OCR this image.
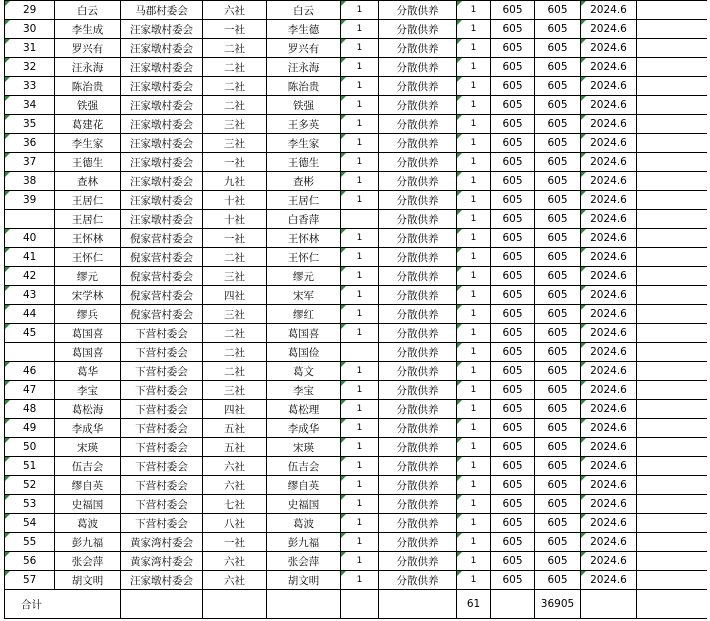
29	白云	马郡村委会	六社	白云	1	分散供养	1	605	605	2024.6

30	李生成	汪家墩村委会	一社	李生德	1	分散供养	1	605	605	2024.6

31	罗兴有	汪家墩村委会	二社	罗兴有	1	分散供养	1	605	605	2024.6

32	汪永海	汪家墩村委会	二社	汪永海	1	分散供养	1	605	605	2024.6

33	陈治贵	汪家墩村委会	二社	陈治贵	1	分散供养	1	605	605	2024.6

34	铁强	汪家墩村委会	二社	铁强	1	分散供养	1	605	605	2024.6

35	葛建花	汪家墩村委会	三社	王多英	1	分散供养	1	605	605	2024.6

36	李生家	汪家墩村委会	三社	李生家	1	分散供养	1	605	605	2024.6

37	王德生	汪家墩村委会	一社	王德生	1	分散供养	1	605	605	2024.6

38	查林	汪家墩村委会	九社	查彬	1	分散供养	1	605	605	2024.6

39	王居仁	汪家墩村委会	十社	王居仁	1	分散供养	1	605	605	2024.6

	王居仁	汪家墩村委会	十社	白香萍		分散供养	1	605	605	2024.6

40	王怀林	倪家营村委会	一社	王怀林	1	分散供养	1	605	605	2024.6

41	王怀仁	倪家营村委会	二社	王怀仁	1	分散供养	1	605	605	2024.6

42	缪元	倪家营村委会	三社	缪元	1	分散供养	1	605	605	2024.6

43	宋学林	倪家营村委会	四社	宋军	1	分散供养	1	605	605	2024.6

44	缪兵	倪家营村委会	三社	缪红	1	分散供养	1	605	605	2024.6

45	葛国喜	下营村委会	二社	葛国喜	1	分散供养	1	605	605	2024.6

	葛国喜	下营村委会	二社	葛国俭		分散供养	1	605	605	2024.6

46	葛华	下营村委会	二社	葛文	1	分散供养	1	605	605	2024.6

47	李宝	下营村委会	三社	李宝	1	分散供养	1	605	605	2024.6

48	葛松海	下营村委会	四社	葛松理	1	分散供养	1	605	605	2024.6

49	李成华	下营村委会	五社	李成华	1	分散供养	1	605	605	2024.6

50	宋瑛	下营村委会	五社	宋瑛	1	分散供养	1	605	605	2024.6

51	伍吉会	下营村委会	六社	伍吉会	1	分散供养	1	605	605	2024.6

52	缪自英	下营村委会	六社	缪自英	1	分散供养	1	605	605	2024.6

53	史福国	下营村委会	七社	史福国	1	分散供养	1	605	605	2024.6

54	葛波	下营村委会	八社	葛波	1	分散供养	1	605	605	2024.6

55	彭九福	黄家湾村委会	一社	彭九福	1	分散供养	1	605	605	2024.6

56	张会萍	黄家湾村委会	六社	张会萍	1	分散供养	1	605	605	2024.6

57	胡文明	汪家墩村委会	六社	胡文明	1	分散供养	1	605	605	2024.6

合计							61		36905		
